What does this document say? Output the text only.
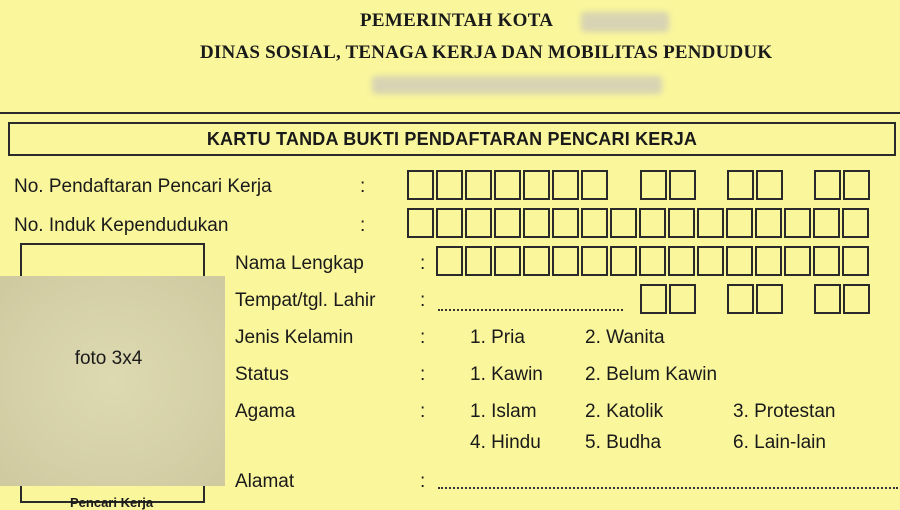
PEMERINTAH KOTA
DINAS SOSIAL, TENAGA KERJA DAN MOBILITAS PENDUDUK
KARTU TANDA BUKTI PENDAFTARAN PENCARI KERJA
No. Pendaftaran Pencari Kerja	:
No. Induk Kependudukan	:
foto 3x4
Pencari Kerja
Nama Lengkap	:
Tempat/tgl. Lahir :
Jenis Kelamin	: 1. Pria	2. Wanita
Status	: 1. Kawin 2. Belum Kawin
Agama	: 1. Islam	2. Katolik	3. Protestan
4. Hindu 5. Budha	6. Lain-lain
Alamat	:
